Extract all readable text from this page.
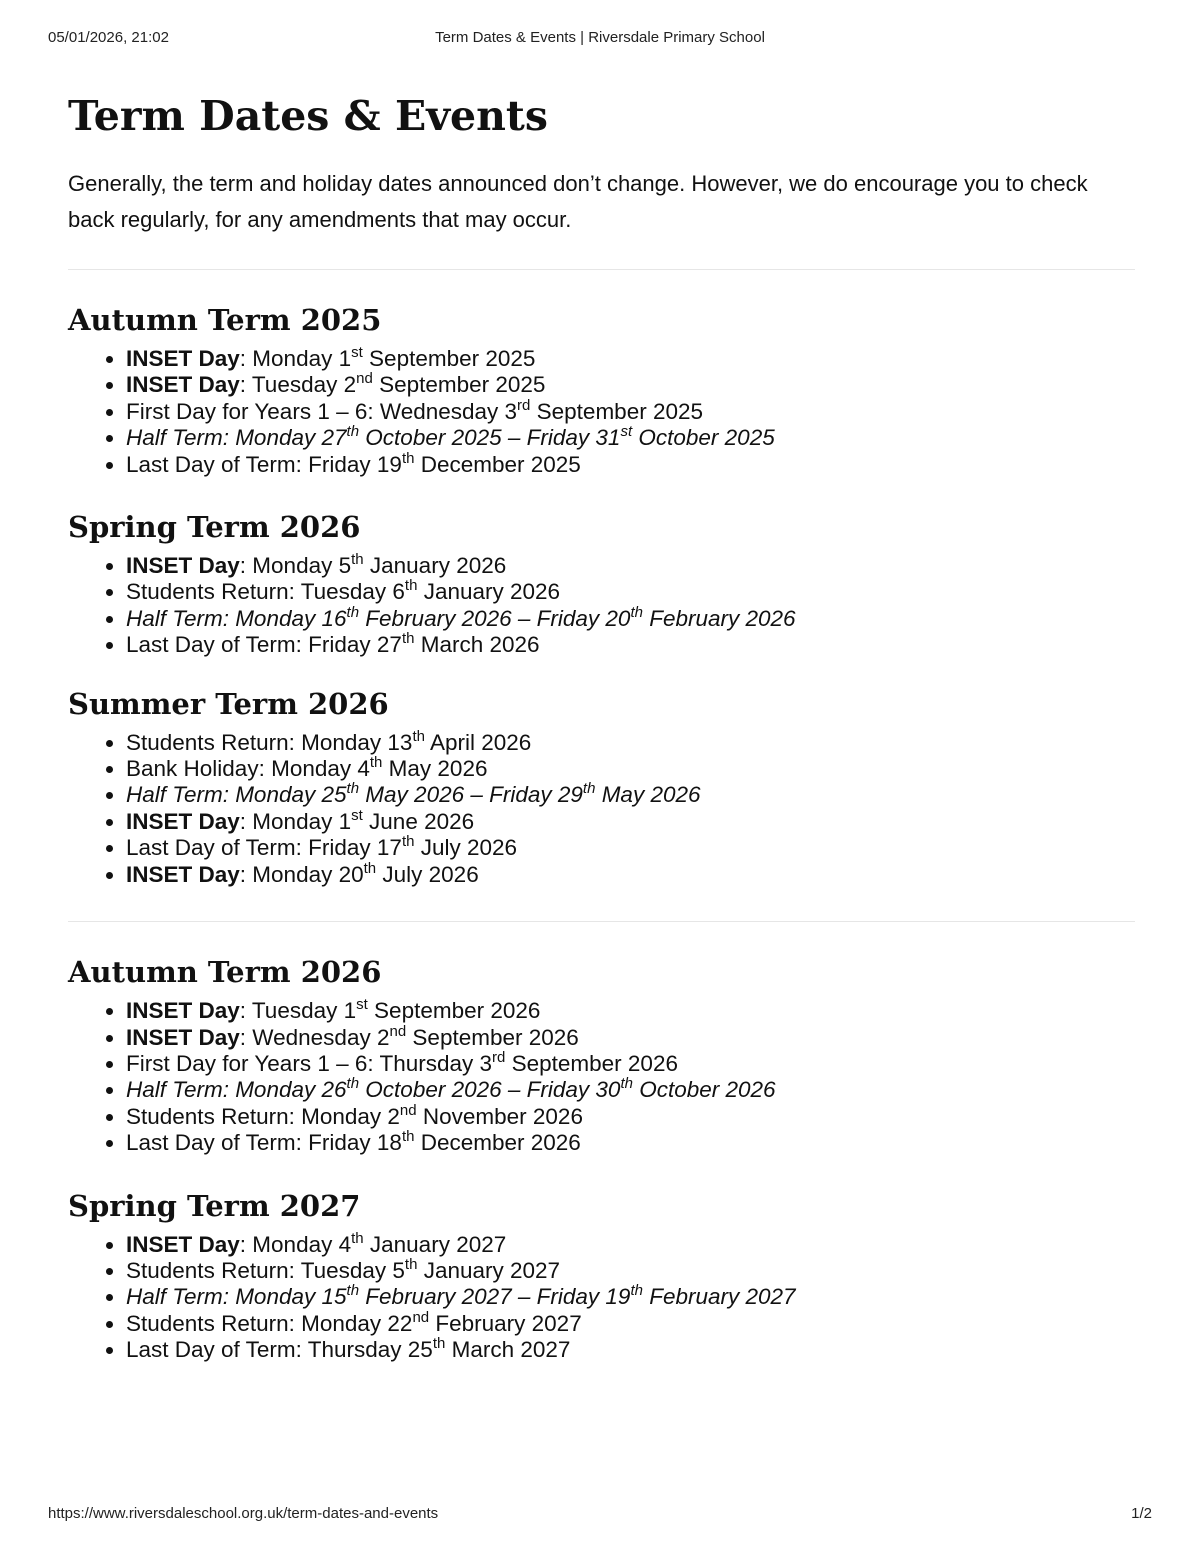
05/01/2026, 21:02	Term Dates & Events | Riversdale Primary School
Term Dates & Events

Generally, the term and holiday dates announced don’t change. However, we do encourage you to check back regularly, for any amendments that may occur.

Autumn Term 2025
• INSET Day: Monday 1st September 2025
• INSET Day: Tuesday 2nd September 2025
• First Day for Years 1 – 6: Wednesday 3rd September 2025
• Half Term: Monday 27th October 2025 – Friday 31st October 2025
• Last Day of Term: Friday 19th December 2025
Spring Term 2026
• INSET Day: Monday 5th January 2026
• Students Return: Tuesday 6th January 2026
• Half Term: Monday 16th February 2026 – Friday 20th February 2026
• Last Day of Term: Friday 27th March 2026
Summer Term 2026
• Students Return: Monday 13th April 2026
• Bank Holiday: Monday 4th May 2026
• Half Term: Monday 25th May 2026 – Friday 29th May 2026
• INSET Day: Monday 1st June 2026
• Last Day of Term: Friday 17th July 2026
• INSET Day: Monday 20th July 2026
Autumn Term 2026
• INSET Day: Tuesday 1st September 2026
• INSET Day: Wednesday 2nd September 2026
• First Day for Years 1 – 6: Thursday 3rd September 2026
• Half Term: Monday 26th October 2026 – Friday 30th October 2026
• Students Return: Monday 2nd November 2026
• Last Day of Term: Friday 18th December 2026
Spring Term 2027
• INSET Day: Monday 4th January 2027
• Students Return: Tuesday 5th January 2027
• Half Term: Monday 15th February 2027 – Friday 19th February 2027
• Students Return: Monday 22nd February 2027
• Last Day of Term: Thursday 25th March 2027
https://www.riversdaleschool.org.uk/term-dates-and-events	1/2
